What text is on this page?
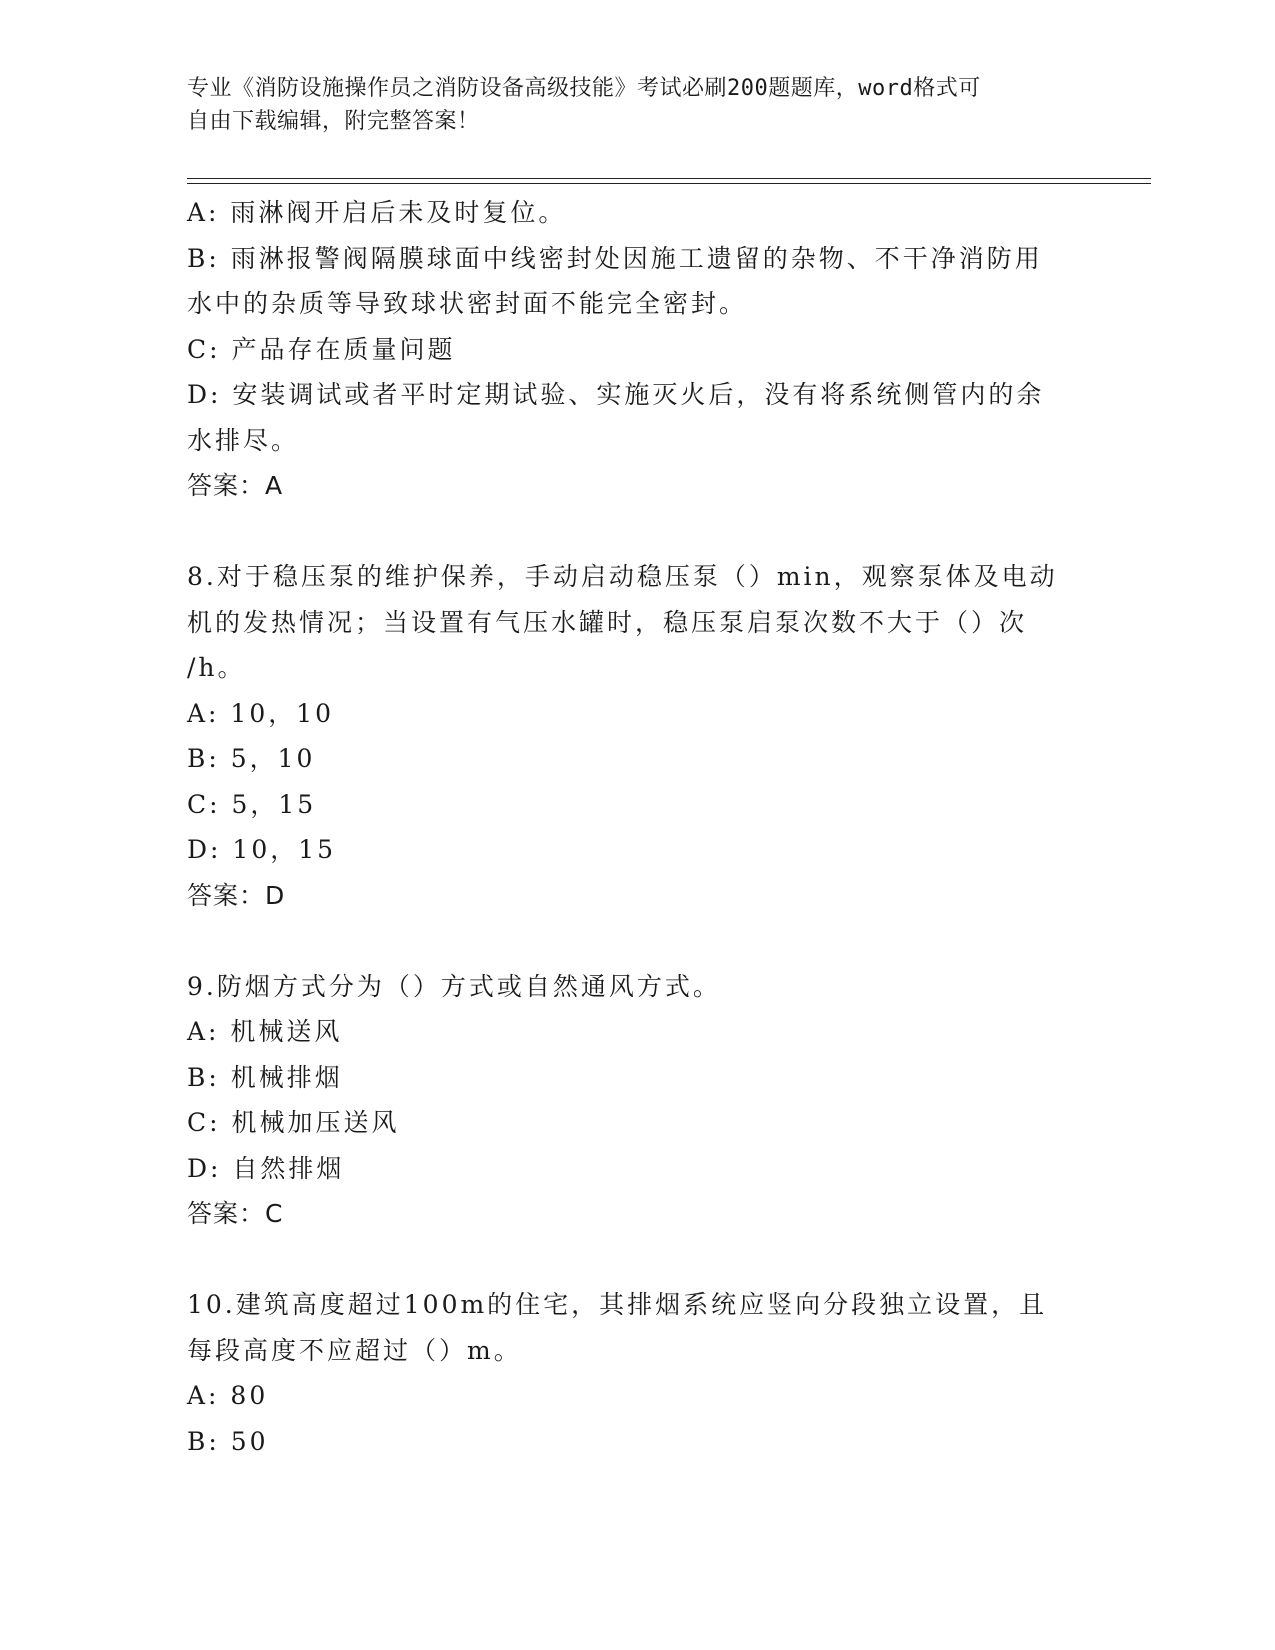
专业《消防设施操作员之消防设备高级技能》考试必刷200题题库，word格式可
自由下载编辑，附完整答案！

A: 雨淋阀开启后未及时复位。

B: 雨淋报警阀隔膜球面中线密封处因施工遗留的杂物、不干净消防用

水中的杂质等导致球状密封面不能完全密封。

C: 产品存在质量问题

D: 安装调试或者平时定期试验、实施灭火后，没有将系统侧管内的余

水排尽。

答案：A

8.对于稳压泵的维护保养，手动启动稳压泵（）min，观察泵体及电动

机的发热情况；当设置有气压水罐时，稳压泵启泵次数不大于（）次

/h。

A: 10，10

B: 5，10

C: 5，15

D: 10，15

答案：D

9.防烟方式分为（）方式或自然通风方式。

A: 机械送风

B: 机械排烟

C: 机械加压送风

D: 自然排烟

答案：C

10.建筑高度超过100m的住宅，其排烟系统应竖向分段独立设置，且

每段高度不应超过（）m。

A: 80

B: 50
